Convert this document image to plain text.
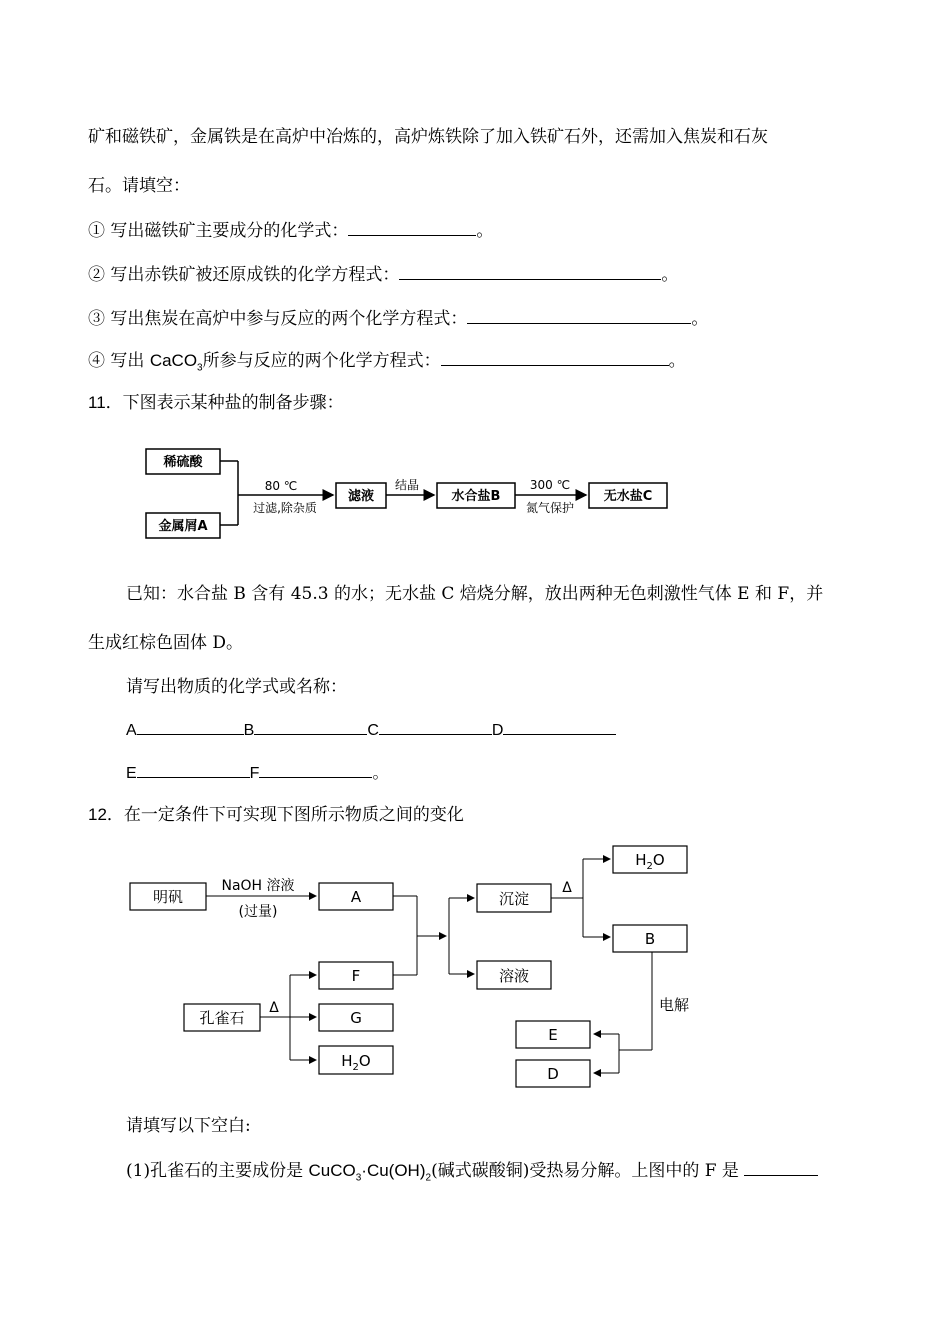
矿和磁铁矿，金属铁是在高炉中冶炼的，高炉炼铁除了加入铁矿石外，还需加入焦炭和石灰
石。请填空：
① 写出磁铁矿主要成分的化学式：	。
② 写出赤铁矿被还原成铁的化学方程式：	。
③ 写出焦炭在高炉中参与反应的两个化学方程式：	。
④ 写出 CaCO$_3$所参与反应的两个化学方程式：	。
11．下图表示某种盐的制备步骤：
稀硫酸
金属屑A
80 ℃
过滤,除杂质
滤液
结晶
水合盐B
300 ℃
氮气保护
无水盐C
已知：水合盐 B 含有 45.3 的水；无水盐 C 焙烧分解，放出两种无色刺激性气体 E 和 F，并
生成红棕色固体 D。
请写出物质的化学式或名称：
A	B	C	D
E	F	。
12．在一定条件下可实现下图所示物质之间的变化
明矾
NaOH 溶液
(过量)
A
F
沉淀
溶液
Δ
$H_2O$
B
电解
E
D
孔雀石
Δ
G
$H_2O$
请填写以下空白:
(1)孔雀石的主要成份是 $CuCO_3\cdot Cu(OH)_2$(碱式碳酸铜)受热易分解。上图中的 F 是
